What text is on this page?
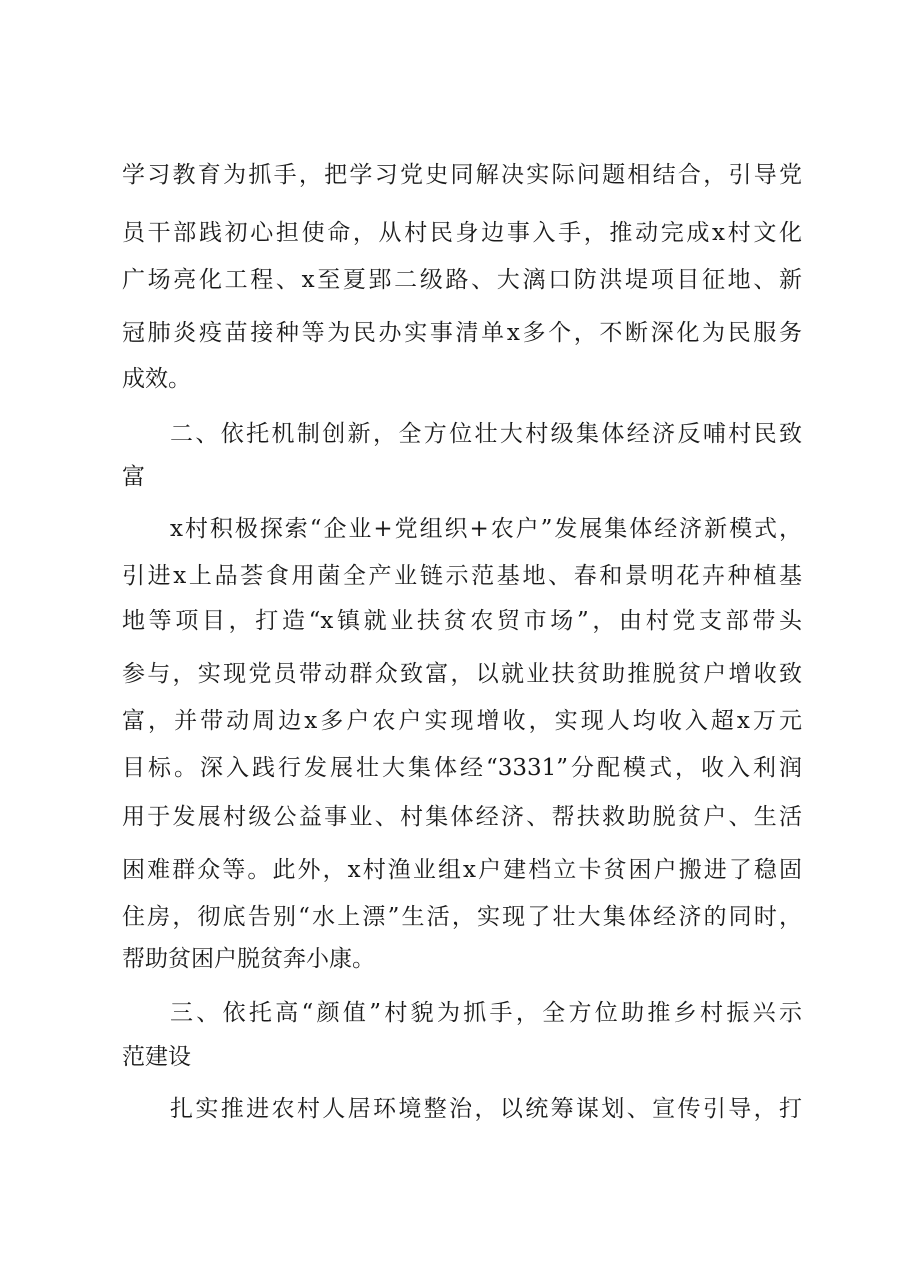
学习教育为抓手，把学习党史同解决实际问题相结合，引导党
员干部践初心担使命，从村民身边事入手，推动完成x村文化
广场亮化工程、x至夏郢二级路、大漓口防洪堤项目征地、新
冠肺炎疫苗接种等为民办实事清单x多个，不断深化为民服务
成效。
二、依托机制创新，全方位壮大村级集体经济反哺村民致
富
x村积极探索“企业+党组织+农户”发展集体经济新模式，
引进x上品荟食用菌全产业链示范基地、春和景明花卉种植基
地等项目，打造“x镇就业扶贫农贸市场”，由村党支部带头
参与，实现党员带动群众致富，以就业扶贫助推脱贫户增收致
富，并带动周边x多户农户实现增收，实现人均收入超x万元
目标。深入践行发展壮大集体经“3331”分配模式，收入利润
用于发展村级公益事业、村集体经济、帮扶救助脱贫户、生活
困难群众等。此外，x村渔业组x户建档立卡贫困户搬进了稳固
住房，彻底告别“水上漂”生活，实现了壮大集体经济的同时，
帮助贫困户脱贫奔小康。
三、依托高“颜值”村貌为抓手，全方位助推乡村振兴示
范建设
扎实推进农村人居环境整治，以统筹谋划、宣传引导，打
